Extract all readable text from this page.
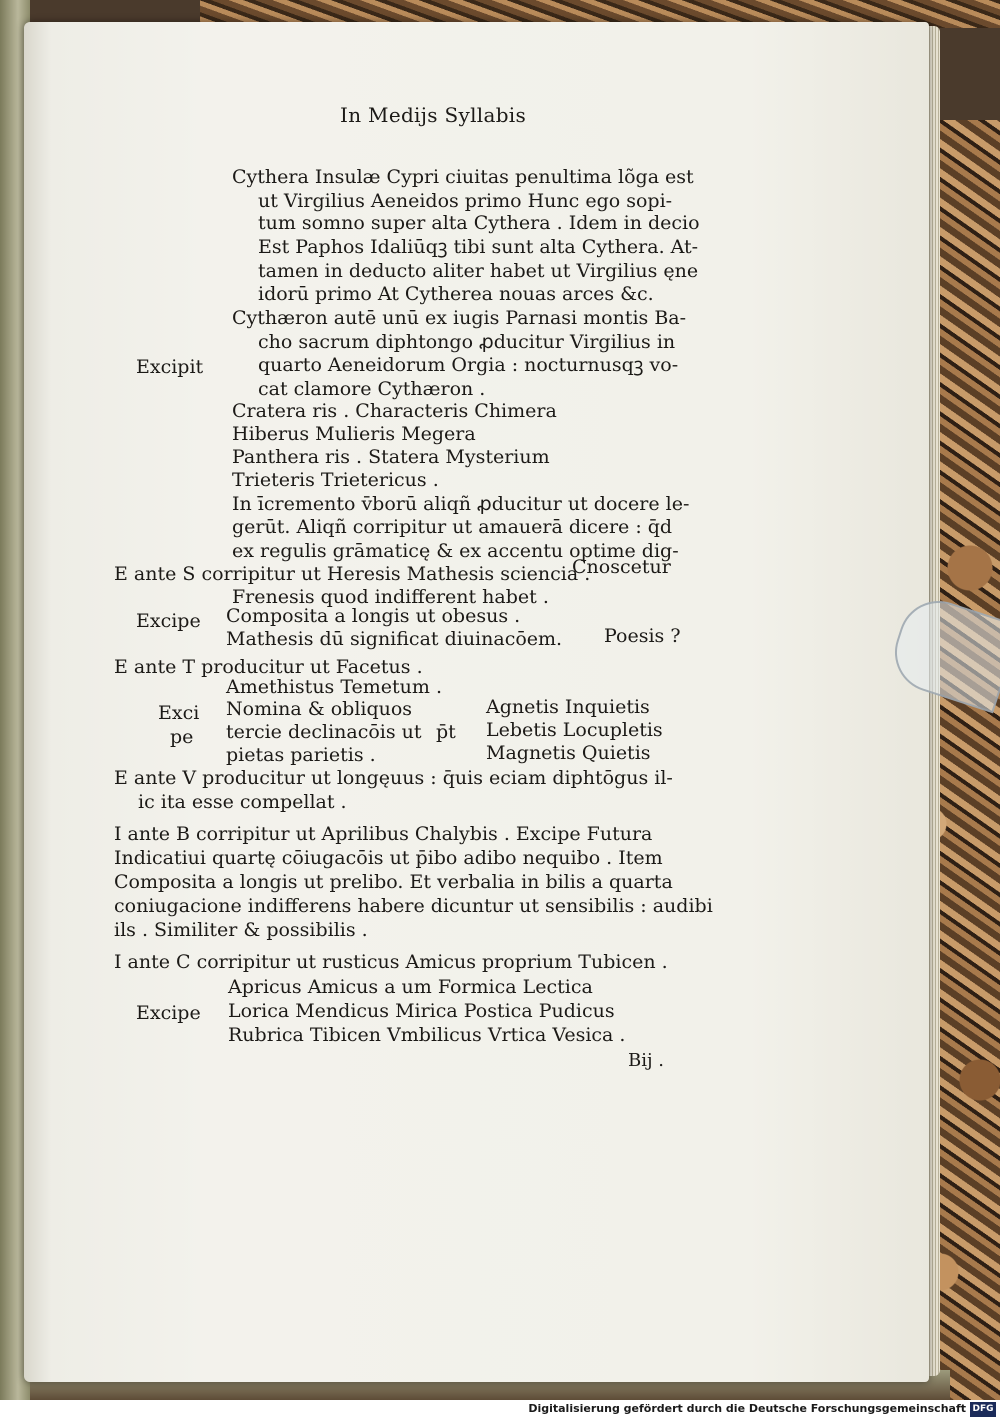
In Medijs Syllabis
Cythera Insulæ Cypri ciuitas penultima lõga est
ut Virgilius Aeneidos primo Hunc ego sopi-
tum somno super alta Cythera . Idem in decio
Est Paphos Idaliūqꝫ tibi sunt alta Cythera. At-
tamen in deducto aliter habet ut Virgilius ęne
idorū primo At Cytherea nouas arces &c.
Cythæron autē unū ex iugis Parnasi montis Ba-
cho sacrum diphtongo ꝓducitur Virgilius in
Excipit	quarto Aeneidorum Orgia : nocturnusqꝫ vo-
cat clamore Cythæron .
Cratera ris . Characteris Chimera
Hiberus Mulieris Megera
Panthera ris . Statera Mysterium
Trieteris Trietericus .
In īcremento v̄borū aliqñ ꝓducitur ut docere le-
gerūt. Aliqñ corripitur ut amauerā dicere : q̄d
ex regulis grāmaticę & ex accentu optime dig-
E ante S corripitur ut Heresis Mathesis sciencia .
Cnoscetur
Frenesis quod indifferent habet .
Excipe Composita a longis ut obesus .
Mathesis dū significat diuinacōem. Poesis ?
E ante T producitur ut Facetus .
Amethistus Temetum .
Exci
pe
Nomina & obliquos
tercie declinacōis ut
pietas parietis .
p̄t
Agnetis Inquietis
Lebetis Locupletis
Magnetis Quietis
E ante V producitur ut longęuus : q̄uis eciam diphtōgus il-
ic ita esse compellat .
I ante B corripitur ut Aprilibus Chalybis . Excipe Futura
Indicatiui quartę cōiugacōis ut p̄ibo adibo nequibo . Item
Composita a longis ut prelibo. Et verbalia in bilis a quarta
coniugacione indifferens habere dicuntur ut sensibilis : audibi
ils . Similiter & possibilis .
I ante C corripitur ut rusticus Amicus proprium Tubicen .
Apricus Amicus a um Formica Lectica
Excipe Lorica Mendicus Mirica Postica Pudicus
Rubrica Tibicen Vmbilicus Vrtica Vesica .
Bij .
Digitalisierung gefördert durch die Deutsche Forschungsgemeinschaft DFG
